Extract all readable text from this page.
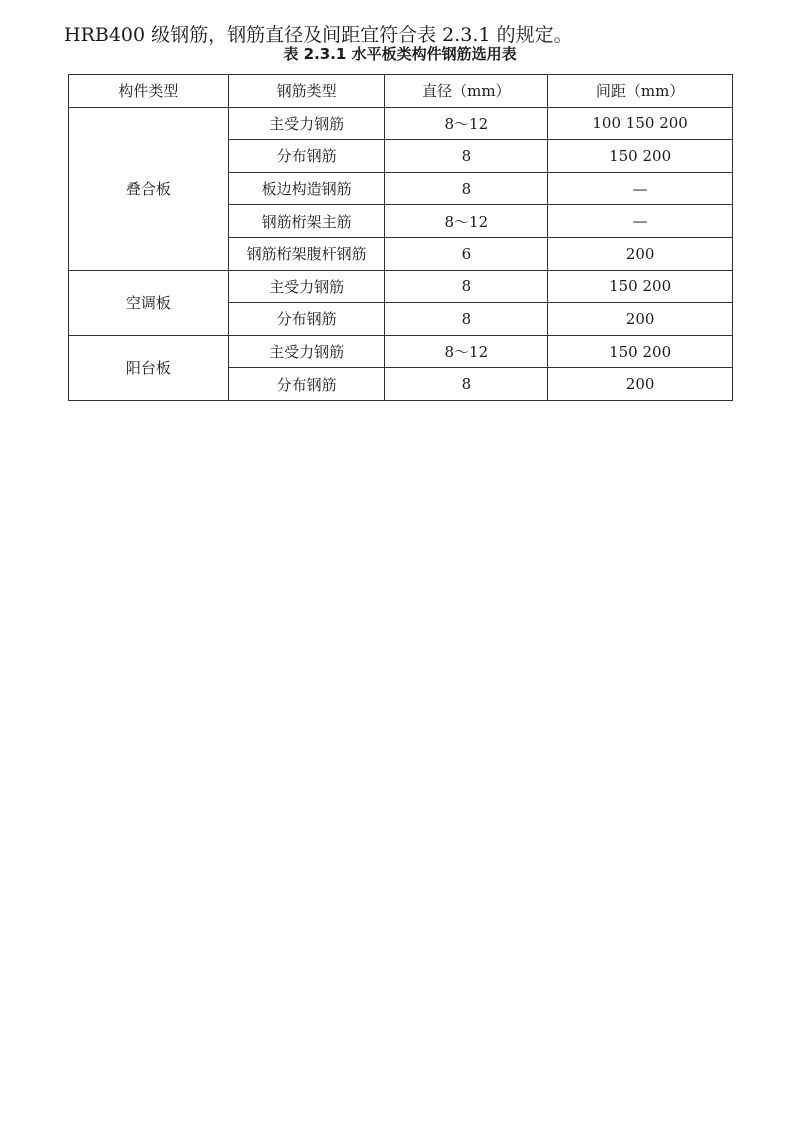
HRB400 级钢筋，钢筋直径及间距宜符合表 2.3.1 的规定。

表 2.3.1 水平板类构件钢筋选用表
构件类型	钢筋类型	直径（mm）	间距（mm）
叠合板	主受力钢筋	8～12	100 150 200
	分布钢筋	8	150 200
	板边构造钢筋	8	—
	钢筋桁架主筋	8～12	—
	钢筋桁架腹杆钢筋	6	200
空调板	主受力钢筋	8	150 200
	分布钢筋	8	200
阳台板	主受力钢筋	8～12	150 200
	分布钢筋	8	200
